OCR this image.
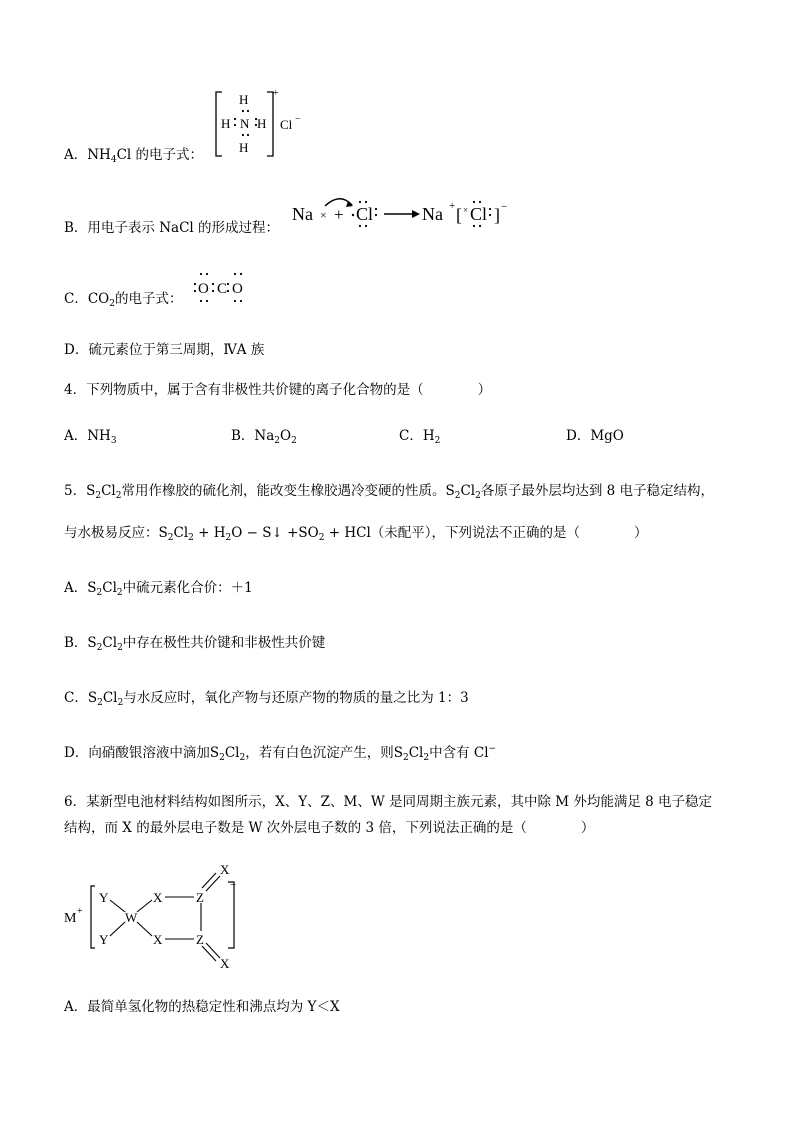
A．$NH_4Cl$ 的电子式：
H
H N H
H
+
Cl −
B．用电子表示 NaCl 的形成过程：
Na × + Cl	Na + [ × Cl ] −
C．$CO_2$的电子式：
O C O
D．硫元素位于第三周期，ⅣA 族
4．下列物质中，属于含有非极性共价键的离子化合物的是（　　　　）
A．$NH_3$	B．$Na_2O_2$	C．$H_2$	D．MgO
5．$S_2Cl_2$常用作橡胶的硫化剂，能改变生橡胶遇冷变硬的性质。$S_2Cl_2$各原子最外层均达到 8 电子稳定结构，
与水极易反应：$S_2Cl_2 + H_2O$ − S↓ $+SO_2 + HCl$（未配平），下列说法不正确的是（　　　　）
A．$S_2Cl_2$中硫元素化合价：＋1
B．$S_2Cl_2$中存在极性共价键和非极性共价键
C．$S_2Cl_2$与水反应时，氧化产物与还原产物的物质的量之比为 1：3
D．向硝酸银溶液中滴加$S_2Cl_2$，若有白色沉淀产生，则$S_2Cl_2$中含有 Cl−
6．某新型电池材料结构如图所示，X、Y、Z、M、W 是同周期主族元素，其中除 M 外均能满足 8 电子稳定
结构，而 X 的最外层电子数是 W 次外层电子数的 3 倍，下列说法正确的是（　　　　）
M +
−
Y
Y
W
X
X
Z
Z
X
X
A．最简单氢化物的热稳定性和沸点均为 Y＜X
